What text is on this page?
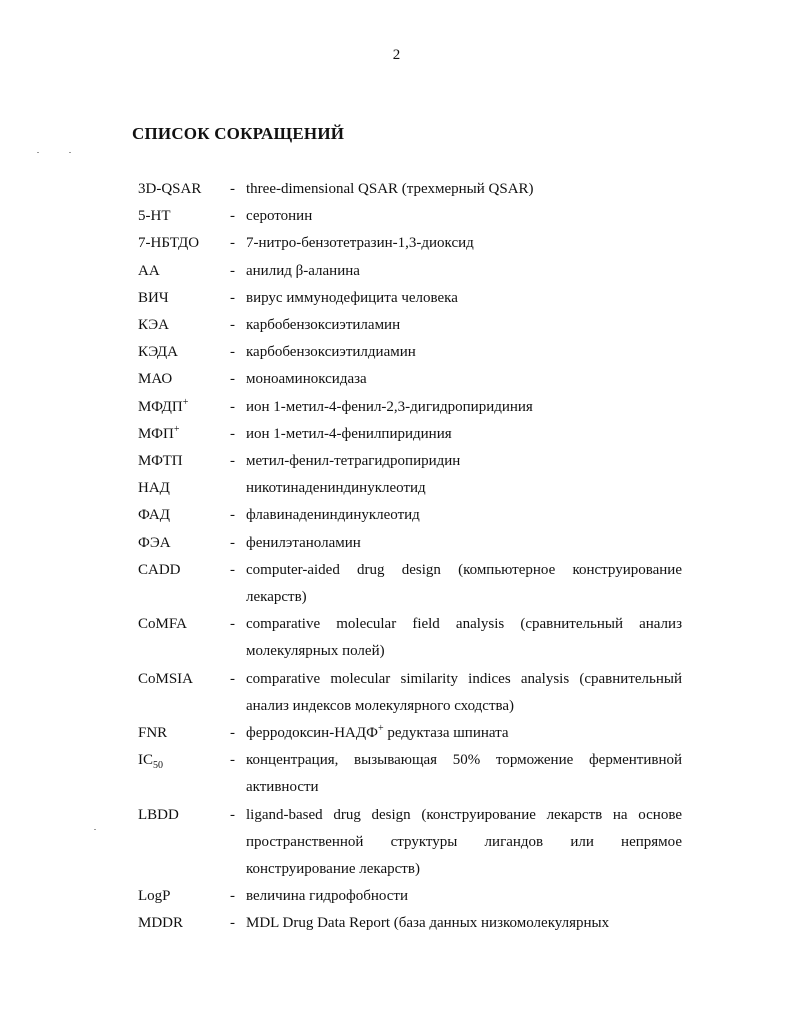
2
СПИСОК СОКРАЩЕНИЙ
3D-QSAR - three-dimensional QSAR (трехмерный QSAR)
5-HT	- серотонин
7-НБТДО - 7-нитро-бензотетразин-1,3-диоксид
АА	- анилид β-аланина
ВИЧ	- вирус иммунодефицита человека
КЭА	- карбобензоксиэтиламин
КЭДА	- карбобензоксиэтилдиамин
МАО	- моноаминоксидаза
МФДП+	- ион 1-метил-4-фенил-2,3-дигидропиридиния
МФП+	- ион 1-метил-4-фенилпиридиния
МФТП	- метил-фенил-тетрагидропиридин
НАД	никотинадениндинуклеотид
ФАД	- флавинадениндинуклеотид
ФЭА	- фенилэтаноламин
CADD	- computer-aided drug design (компьютерное конструирование лекарств)
CoMFA	- comparative molecular field analysis (сравнительный анализ молекулярных полей)
CoMSIA - comparative molecular similarity indices analysis (сравнительный анализ индексов молекулярного сходства)
FNR	- ферродоксин-НАДФ+ редуктаза шпината
$IC_{50}$	- концентрация, вызывающая 50% торможение ферментивной активности
LBDD	- ligand-based drug design (конструирование лекарств на основе пространственной структуры лигандов или непрямое конструирование лекарств)
LogP	- величина гидрофобности
MDDR	- MDL Drug Data Report (база данных низкомолекулярных
